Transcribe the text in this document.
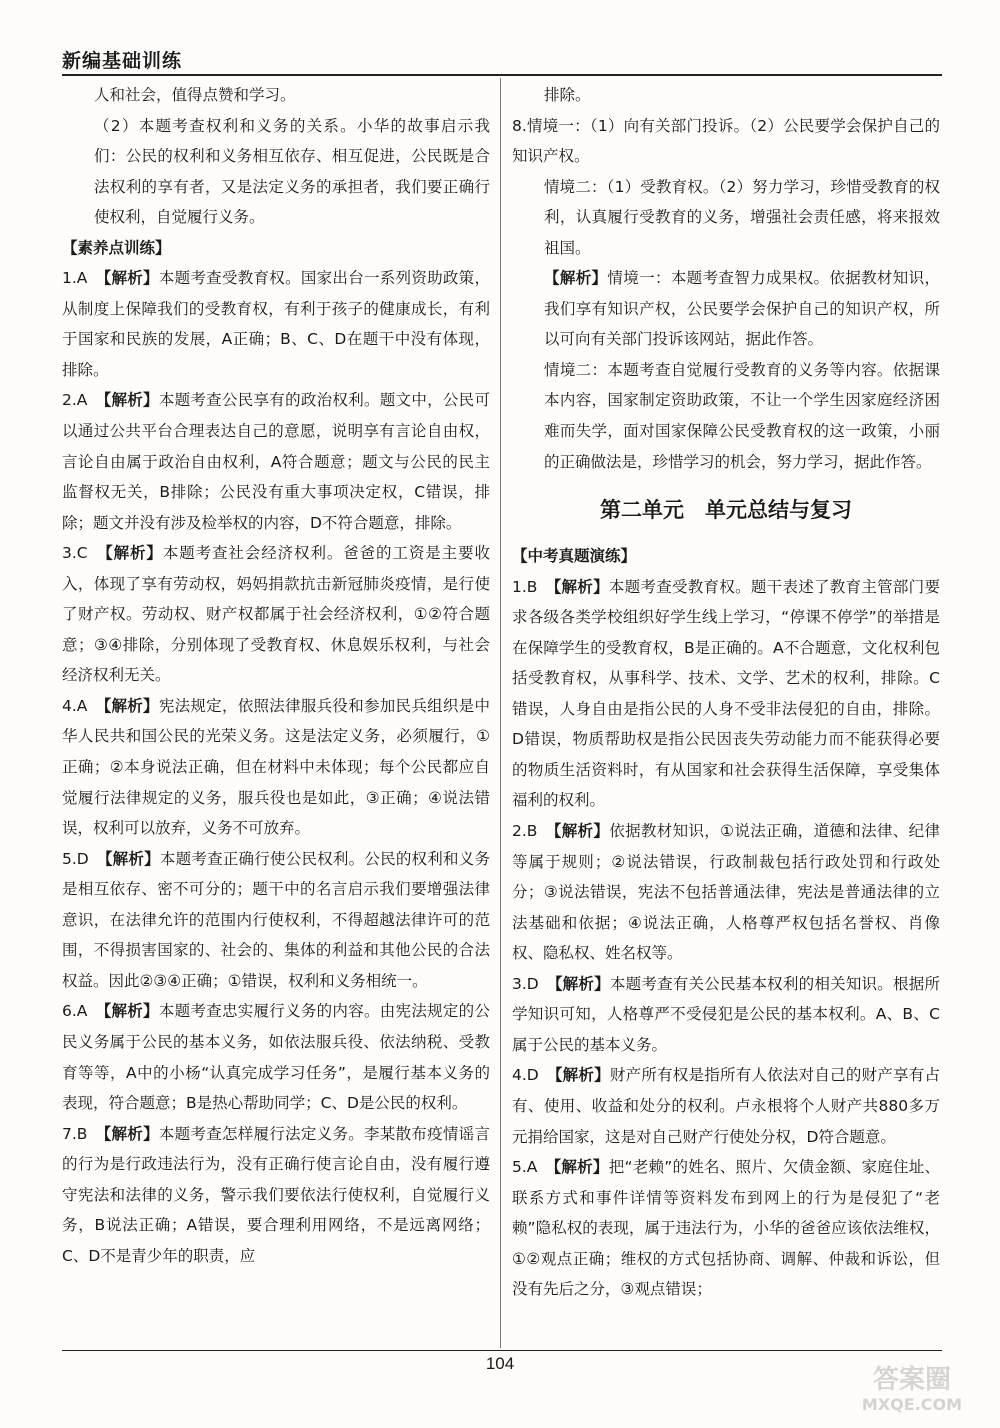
新编基础训练

人和社会，值得点赞和学习。

（2）本题考查权利和义务的关系。小华的故事启示我们：公民的权利和义务相互依存、相互促进，公民既是合法权利的享有者，又是法定义务的承担者，我们要正确行使权利，自觉履行义务。

【素养点训练】

1.A　 【解析】本题考查受教育权。国家出台一系列资助政策，从制度上保障我们的受教育权，有利于孩子的健康成长，有利于国家和民族的发展，A正确；B、C、D在题干中没有体现，排除。
2.A　 【解析】本题考查公民享有的政治权利。题文中，公民可以通过公共平台合理表达自己的意愿，说明享有言论自由权，言论自由属于政治自由权利，A符合题意；题文与公民的民主监督权无关，B排除；公民没有重大事项决定权，C错误，排除；题文并没有涉及检举权的内容，D不符合题意，排除。
3.C　 【解析】本题考查社会经济权利。爸爸的工资是主要收入，体现了享有劳动权，妈妈捐款抗击新冠肺炎疫情，是行使了财产权。劳动权、财产权都属于社会经济权利，①②符合题意；③④排除，分别体现了受教育权、休息娱乐权利，与社会经济权利无关。
4.A　 【解析】宪法规定，依照法律服兵役和参加民兵组织是中华人民共和国公民的光荣义务。这是法定义务，必须履行，①正确；②本身说法正确，但在材料中未体现；每个公民都应自觉履行法律规定的义务，服兵役也是如此，③正确；④说法错误，权利可以放弃，义务不可放弃。
5.D　 【解析】本题考查正确行使公民权利。公民的权利和义务是相互依存、密不可分的；题干中的名言启示我们要增强法律意识，在法律允许的范围内行使权利，不得超越法律许可的范围，不得损害国家的、社会的、集体的利益和其他公民的合法权益。因此②③④正确；①错误，权利和义务相统一。
6.A　 【解析】本题考查忠实履行义务的内容。由宪法规定的公民义务属于公民的基本义务，如依法服兵役、依法纳税、受教育等等，A中的小杨“认真完成学习任务”，是履行基本义务的表现，符合题意；B是热心帮助同学；C、D是公民的权利。
7.B　 【解析】本题考查怎样履行法定义务。李某散布疫情谣言的行为是行政违法行为，没有正确行使言论自由，没有履行遵守宪法和法律的义务，警示我们要依法行使权利，自觉履行义务，B说法正确；A错误，要合理利用网络，不是远离网络；C、D不是青少年的职责，应

排除。

8.情境一：（1）向有关部门投诉。（2）公民要学会保护自己的知识产权。

情境二：（1）受教育权。（2）努力学习，珍惜受教育的权利，认真履行受教育的义务，增强社会责任感，将来报效祖国。

【解析】情境一：本题考查智力成果权。依据教材知识，我们享有知识产权，公民要学会保护自己的知识产权，所以可向有关部门投诉该网站，据此作答。

情境二：本题考查自觉履行受教育的义务等内容。依据课本内容，国家制定资助政策，不让一个学生因家庭经济困难而失学，面对国家保障公民受教育权的这一政策，小丽的正确做法是，珍惜学习的机会，努力学习，据此作答。

第二单元　单元总结与复习

【中考真题演练】

1.B　 【解析】本题考查受教育权。题干表述了教育主管部门要求各级各类学校组织好学生线上学习，“停课不停学”的举措是在保障学生的受教育权，B是正确的。A不合题意，文化权利包括受教育权，从事科学、技术、文学、艺术的权利，排除。C错误，人身自由是指公民的人身不受非法侵犯的自由，排除。D错误，物质帮助权是指公民因丧失劳动能力而不能获得必要的物质生活资料时，有从国家和社会获得生活保障，享受集体福利的权利。
2.B　 【解析】依据教材知识，①说法正确，道德和法律、纪律等属于规则；②说法错误，行政制裁包括行政处罚和行政处分；③说法错误，宪法不包括普通法律，宪法是普通法律的立法基础和依据；④说法正确，人格尊严权包括名誉权、肖像权、隐私权、姓名权等。
3.D　 【解析】本题考查有关公民基本权利的相关知识。根据所学知识可知，人格尊严不受侵犯是公民的基本权利。A、B、C属于公民的基本义务。
4.D　 【解析】财产所有权是指所有人依法对自己的财产享有占有、使用、收益和处分的权利。卢永根将个人财产共880多万元捐给国家，这是对自己财产行使处分权，D符合题意。
5.A　 【解析】把“老赖”的姓名、照片、欠债金额、家庭住址、联系方式和事件详情等资料发布到网上的行为是侵犯了“老赖”隐私权的表现，属于违法行为，小华的爸爸应该依法维权，①②观点正确；维权的方式包括协商、调解、仲裁和诉讼，但没有先后之分，③观点错误；
104
答案圈
MXQE.COM
